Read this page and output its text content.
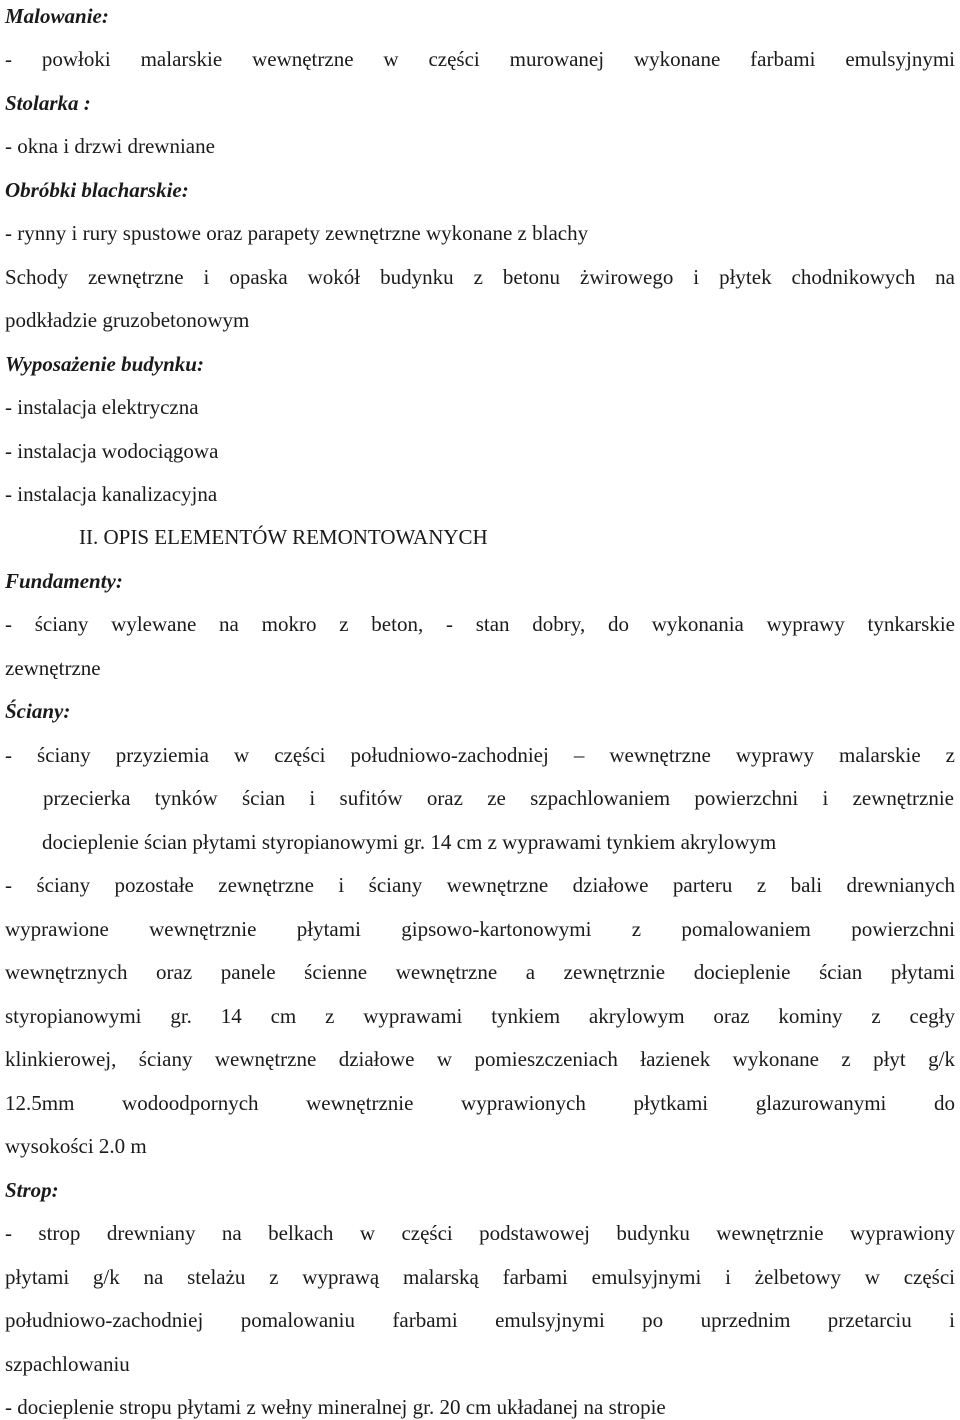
Malowanie:
- powłoki malarskie wewnętrzne w części murowanej wykonane farbami emulsyjnymi
Stolarka :
- okna i drzwi drewniane
Obróbki blacharskie:
- rynny i rury spustowe oraz parapety zewnętrzne wykonane z blachy
Schody zewnętrzne i opaska wokół budynku z betonu żwirowego i płytek chodnikowych na
podkładzie gruzobetonowym
Wyposażenie budynku:
- instalacja elektryczna
- instalacja wodociągowa
- instalacja kanalizacyjna
II. OPIS ELEMENTÓW REMONTOWANYCH
Fundamenty:
- ściany wylewane na mokro z beton, - stan dobry, do wykonania wyprawy tynkarskie
zewnętrzne
Ściany:
- ściany przyziemia w części południowo-zachodniej – wewnętrzne wyprawy malarskie z
przecierka tynków ścian i sufitów oraz ze szpachlowaniem powierzchni i zewnętrznie
docieplenie ścian płytami styropianowymi gr. 14 cm z wyprawami tynkiem akrylowym
- ściany pozostałe zewnętrzne i ściany wewnętrzne działowe parteru z bali drewnianych
wyprawione wewnętrznie płytami gipsowo-kartonowymi z pomalowaniem powierzchni
wewnętrznych oraz panele ścienne wewnętrzne a zewnętrznie docieplenie ścian płytami
styropianowymi gr. 14 cm z wyprawami tynkiem akrylowym oraz kominy z cegły
klinkierowej, ściany wewnętrzne działowe w pomieszczeniach łazienek wykonane z płyt g/k
12.5mm wodoodpornych wewnętrznie wyprawionych płytkami glazurowanymi do
wysokości 2.0 m
Strop:
- strop drewniany na belkach w części podstawowej budynku wewnętrznie wyprawiony
płytami g/k na stelażu z wyprawą malarską farbami emulsyjnymi i żelbetowy w części
południowo-zachodniej pomalowaniu farbami emulsyjnymi po uprzednim przetarciu i
szpachlowaniu
- docieplenie stropu płytami z wełny mineralnej gr. 20 cm układanej na stropie
